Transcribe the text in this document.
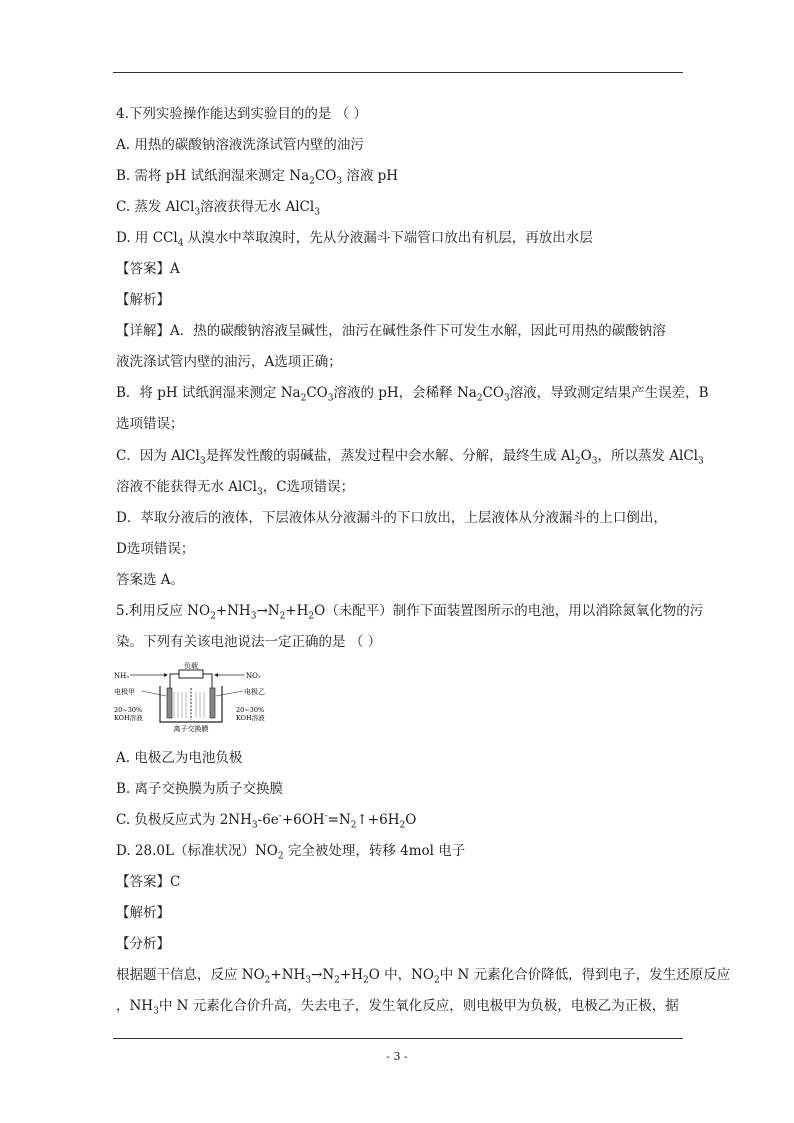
4.下列实验操作能达到实验目的的是 （ ）
A. 用热的碳酸钠溶液洗涤试管内壁的油污
B. 需将 pH 试纸润湿来测定 $Na_2CO_3$ 溶液 pH
C. 蒸发 AlCl$_3$溶液获得无水 AlCl$_3$
D. 用 CCl$_4$ 从溴水中萃取溴时，先从分液漏斗下端管口放出有机层，再放出水层
【答案】A
【解析】
【详解】A．热的碳酸钠溶液呈碱性，油污在碱性条件下可发生水解，因此可用热的碳酸钠溶
液洗涤试管内壁的油污，A选项正确；
B．将 pH 试纸润湿来测定 $Na_2CO_3$溶液的 pH，会稀释 $Na_2CO_3$溶液，导致测定结果产生误差，B
选项错误；
C．因为 AlCl$_3$是挥发性酸的弱碱盐，蒸发过程中会水解、分解，最终生成 $Al_2O_3$，所以蒸发 AlCl$_3$
溶液不能获得无水 AlCl$_3$，C选项错误；
D．萃取分液后的液体，下层液体从分液漏斗的下口放出，上层液体从分液漏斗的上口倒出，
D选项错误；
答案选 A。
5.利用反应 $NO_2+NH_3\to N_2+H_2O$（未配平）制作下面装置图所示的电池，用以消除氮氧化物的污
染。下列有关该电池说法一定正确的是 （ ）
负载
NH₃	NO₂
电极甲	电极乙
20~30%
KOH溶液
20~30%
KOH溶液
离子交换膜
A. 电极乙为电池负极
B. 离子交换膜为质子交换膜
C. 负极反应式为 $2NH_3-6e^-+6OH^-=N_2↑+6H_2O$
D. 28.0L（标准状况）$NO_2$ 完全被处理，转移 4mol 电子
【答案】C
【解析】
【分析】
根据题干信息，反应 $NO_2+NH_3\to N_2+H_2O$ 中，$NO_2$中 N 元素化合价降低，得到电子，发生还原反应
，$NH_3$中 N 元素化合价升高，失去电子，发生氧化反应，则电极甲为负极，电极乙为正极，据
- 3 -
